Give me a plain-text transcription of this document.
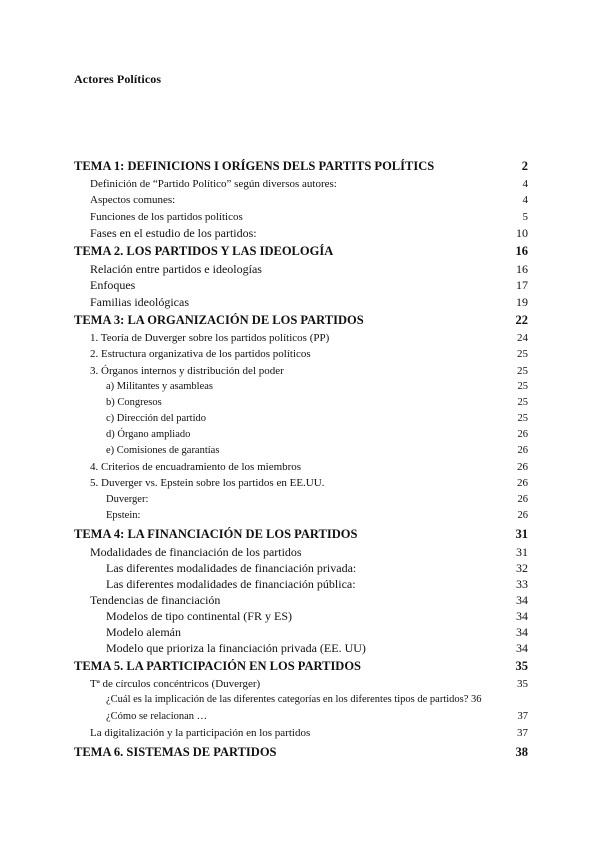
Actores Políticos
TEMA 1: DEFINICIONS I ORÍGENS DELS PARTITS POLÍTICS	2
Definición de “Partido Político” según diversos autores:	4
Aspectos comunes:	4
Funciones de los partidos políticos	5
Fases en el estudio de los partidos:	10
TEMA 2. LOS PARTIDOS Y LAS IDEOLOGÍA	16
Relación entre partidos e ideologías	16
Enfoques	17
Familias ideológicas	19
TEMA 3: LA ORGANIZACIÓN DE LOS PARTIDOS	22
1. Teoría de Duverger sobre los partidos políticos (PP)	24
2. Estructura organizativa de los partidos políticos	25
3. Órganos internos y distribución del poder	25
a) Militantes y asambleas	25
b) Congresos	25
c) Dirección del partido	25
d) Órgano ampliado	26
e) Comisiones de garantías	26
4. Criterios de encuadramiento de los miembros	26
5. Duverger vs. Epstein sobre los partidos en EE.UU.	26
Duverger:	26
Epstein:	26
TEMA 4: LA FINANCIACIÓN DE LOS PARTIDOS	31
Modalidades de financiación de los partidos	31
Las diferentes modalidades de financiación privada:	32
Las diferentes modalidades de financiación pública:	33
Tendencias de financiación	34
Modelos de tipo continental (FR y ES)	34
Modelo alemán	34
Modelo que prioriza la financiación privada (EE. UU)	34
TEMA 5. LA PARTICIPACIÓN EN LOS PARTIDOS	35
Tª de círculos concéntricos (Duverger)	35
¿Cuál es la implicación de las diferentes categorías en los diferentes tipos de partidos? 36
¿Cómo se relacionan …	37
La digitalización y la participación en los partidos	37
TEMA 6. SISTEMAS DE PARTIDOS	38
